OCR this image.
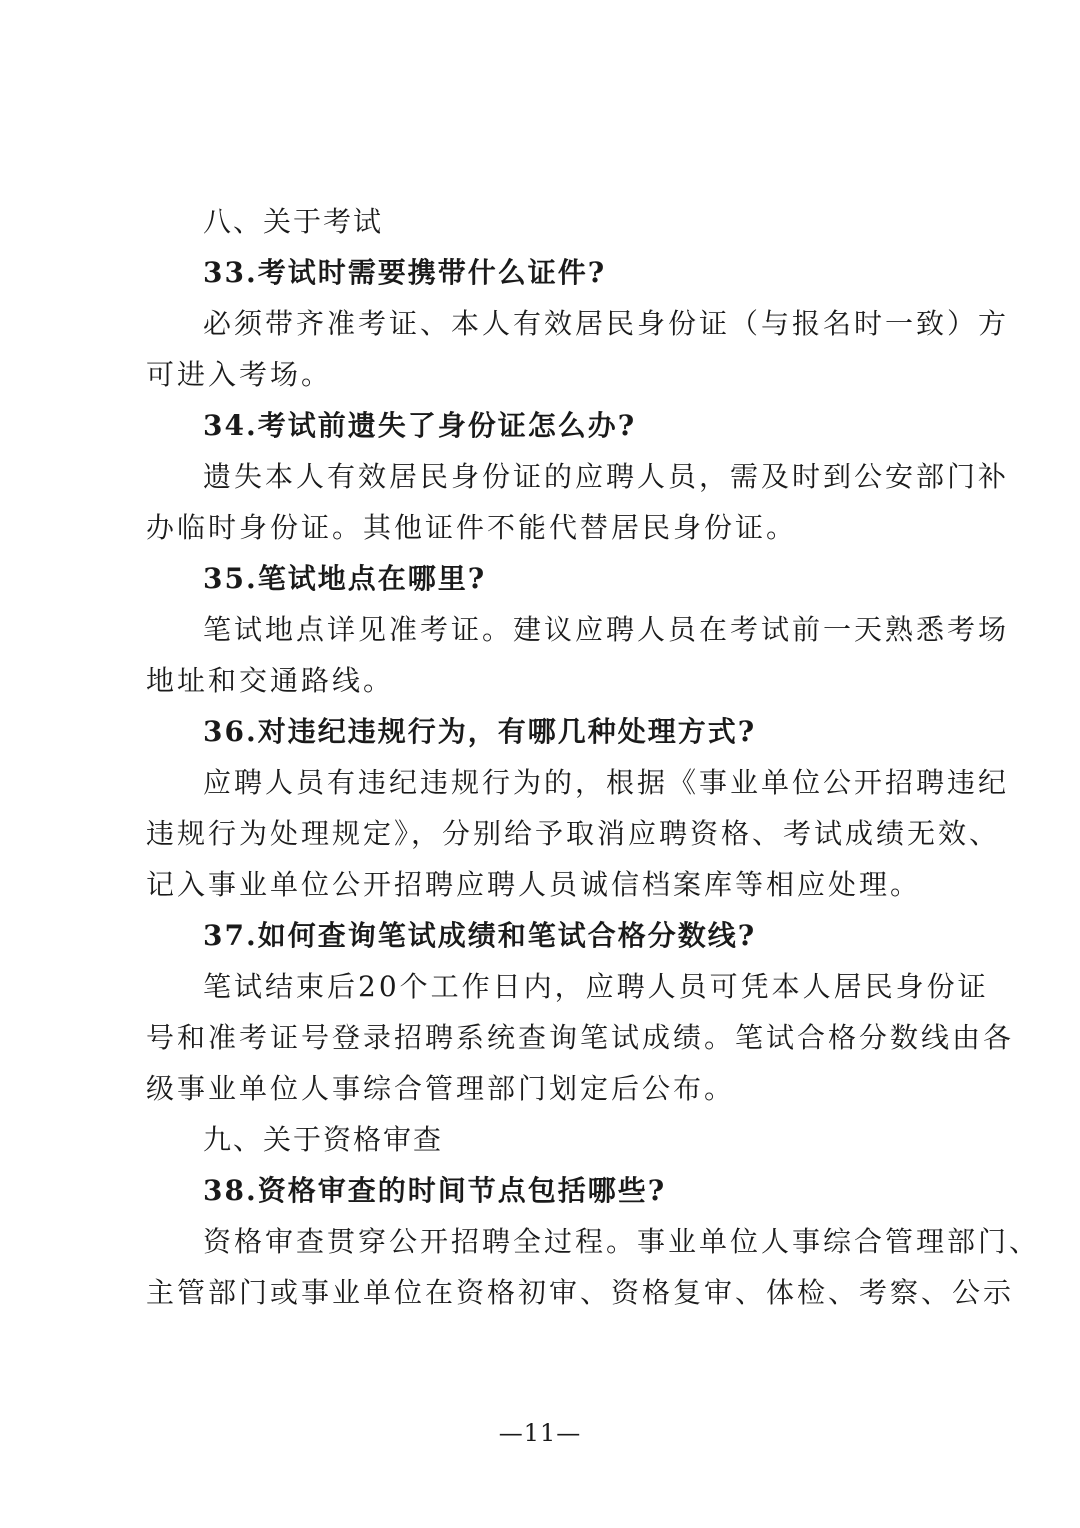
八、关于考试
33.考试时需要携带什么证件?
必须带齐准考证、本人有效居民身份证（与报名时一致）方
可进入考场。
34.考试前遗失了身份证怎么办?
遗失本人有效居民身份证的应聘人员，需及时到公安部门补
办临时身份证。其他证件不能代替居民身份证。
35.笔试地点在哪里?
笔试地点详见准考证。建议应聘人员在考试前一天熟悉考场
地址和交通路线。
36.对违纪违规行为，有哪几种处理方式?
应聘人员有违纪违规行为的，根据《事业单位公开招聘违纪
违规行为处理规定》，分别给予取消应聘资格、考试成绩无效、
记入事业单位公开招聘应聘人员诚信档案库等相应处理。
37.如何查询笔试成绩和笔试合格分数线?
笔试结束后20个工作日内，应聘人员可凭本人居民身份证
号和准考证号登录招聘系统查询笔试成绩。笔试合格分数线由各
级事业单位人事综合管理部门划定后公布。
九、关于资格审查
38.资格审查的时间节点包括哪些?
资格审查贯穿公开招聘全过程。事业单位人事综合管理部门、
主管部门或事业单位在资格初审、资格复审、体检、考察、公示
—11—
